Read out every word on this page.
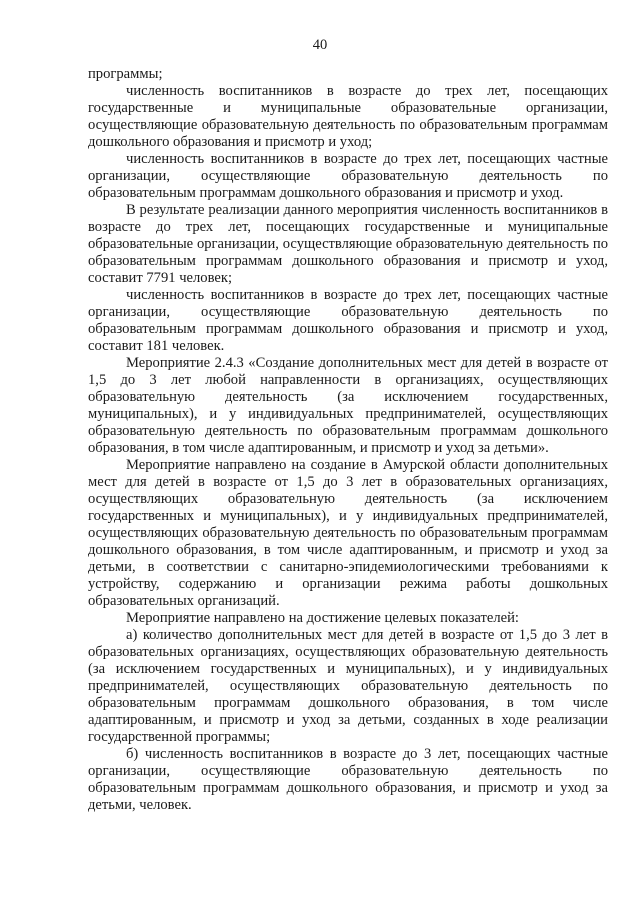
40

программы;

численность воспитанников в возрасте до трех лет, посещающих государственные и муниципальные образовательные организации, осуществляющие образовательную деятельность по образовательным программам дошкольного образования и присмотр и уход;

численность воспитанников в возрасте до трех лет, посещающих частные организации, осуществляющие образовательную деятельность по образовательным программам дошкольного образования и присмотр и уход.

В результате реализации данного мероприятия численность воспитанников в возрасте до трех лет, посещающих государственные и муниципальные образовательные организации, осуществляющие образовательную деятельность по образовательным программам дошкольного образования и присмотр и уход, составит 7791 человек;

численность воспитанников в возрасте до трех лет, посещающих частные организации, осуществляющие образовательную деятельность по образовательным программам дошкольного образования и присмотр и уход, составит 181 человек.

Мероприятие 2.4.3 «Создание дополнительных мест для детей в возрасте от 1,5 до 3 лет любой направленности в организациях, осуществляющих образовательную деятельность (за исключением государственных, муниципальных), и у индивидуальных предпринимателей, осуществляющих образовательную деятельность по образовательным программам дошкольного образования, в том числе адаптированным, и присмотр и уход за детьми».

Мероприятие направлено на создание в Амурской области дополнительных мест для детей в возрасте от 1,5 до 3 лет в образовательных организациях, осуществляющих образовательную деятельность (за исключением государственных и муниципальных), и у индивидуальных предпринимателей, осуществляющих образовательную деятельность по образовательным программам дошкольного образования, в том числе адаптированным, и присмотр и уход за детьми, в соответствии с санитарно-эпидемиологическими требованиями к устройству, содержанию и организации режима работы дошкольных образовательных организаций.

Мероприятие направлено на достижение целевых показателей:

а) количество дополнительных мест для детей в возрасте от 1,5 до 3 лет в образовательных организациях, осуществляющих образовательную деятельность (за исключением государственных и муниципальных), и у индивидуальных предпринимателей, осуществляющих образовательную деятельность по образовательным программам дошкольного образования, в том числе адаптированным, и присмотр и уход за детьми, созданных в ходе реализации государственной программы;

б) численность воспитанников в возрасте до 3 лет, посещающих частные организации, осуществляющие образовательную деятельность по образовательным программам дошкольного образования, и присмотр и уход за детьми, человек.
